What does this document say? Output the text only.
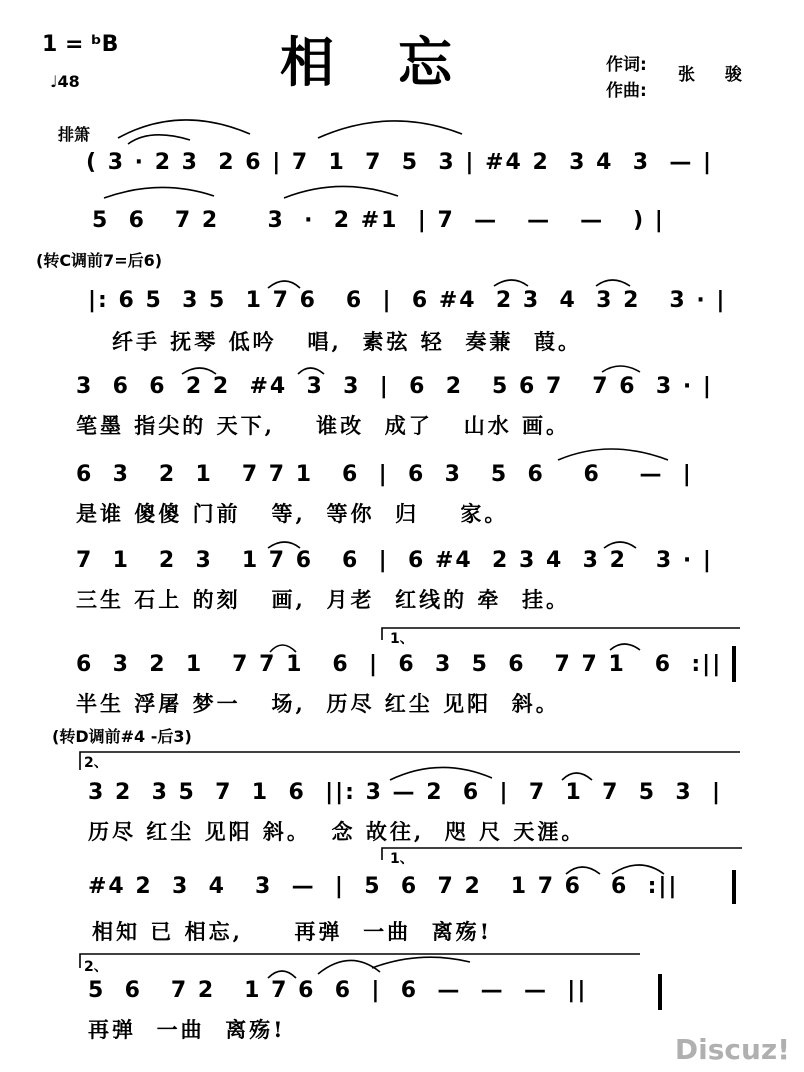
1 = ᵇB
♩48	相忘	作词:
作曲:
张 骏
排箫
(转C调前7=后6)
(转D调前#4 -后3)
1、
2、
1、
2、
( 3 · 2 3  2 6 | 7  1  7  5  3 | #4 2  3 4  3  — |
5  6   7 2     3  ·  2 #1  | 7  —   —   —   ) |
|: 6 5  3 5  1 7 6   6  |  6 #4  2 3  4  3 2   3 · |
纤手 抚琴 低吟   唱,  素弦 轻  奏蒹  葭。
3  6  6  2 2  #4  3  3  |  6  2   5 6 7   7 6  3 · |
笔墨 指尖的 天下,    谁改  成了   山水 画。
6  3   2  1   7 7 1   6  |  6  3   5  6    6    —  |
是谁 傻傻 门前   等,  等你  归    家。
7  1   2  3   1 7 6   6  |  6 #4  2 3 4  3 2   3 · |
三生 石上 的刻   画,  月老  红线的 牵  挂。
6  3  2  1   7 7 1   6  |  6  3  5  6   7 7 1   6  :||
半生 浮屠 梦一   场,  历尽 红尘 见阳  斜。
3 2  3 5  7  1  6  ||: 3 — 2  6  |  7  1  7  5  3  |
历尽 红尘 见阳 斜。  念 故往,  咫 尺 天涯。
#4 2  3  4   3  —  |  5  6  7 2   1 7 6   6  :||
相知 已 相忘,     再弹  一曲  离殇!
5  6   7 2   1 7 6  6  |  6  —  —  —  ||
再弹  一曲  离殇!
Discuz!
